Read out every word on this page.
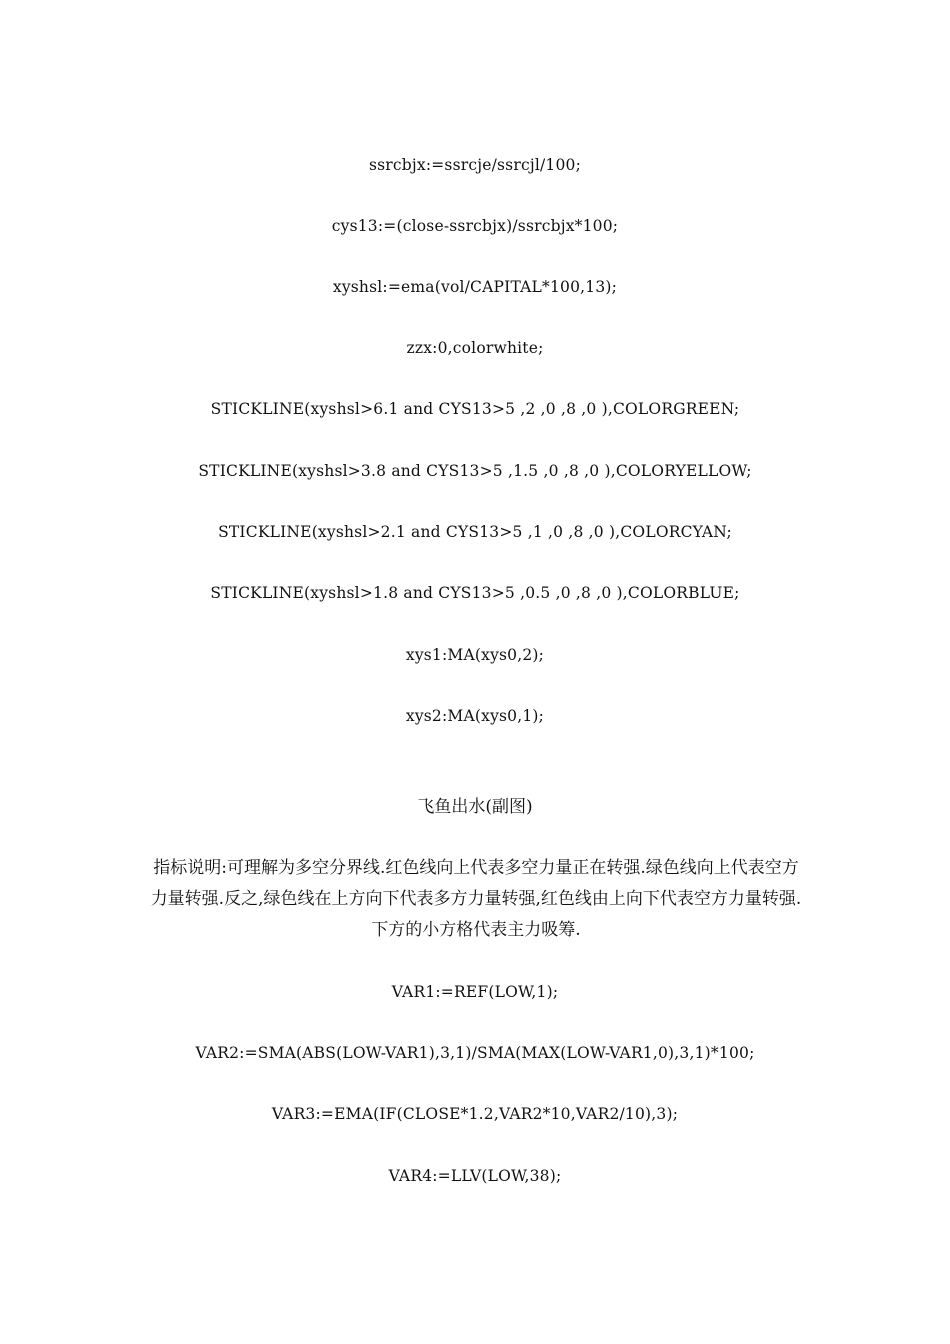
ssrcbjx:=ssrcje/ssrcjl/100;
cys13:=(close-ssrcbjx)/ssrcbjx*100;
xyshsl:=ema(vol/CAPITAL*100,13);
zzx:0,colorwhite;
STICKLINE(xyshsl>6.1 and CYS13>5 ,2 ,0 ,8 ,0 ),COLORGREEN;
STICKLINE(xyshsl>3.8 and CYS13>5 ,1.5 ,0 ,8 ,0 ),COLORYELLOW;
STICKLINE(xyshsl>2.1 and CYS13>5 ,1 ,0 ,8 ,0 ),COLORCYAN;
STICKLINE(xyshsl>1.8 and CYS13>5 ,0.5 ,0 ,8 ,0 ),COLORBLUE;
xys1:MA(xys0,2);
xys2:MA(xys0,1);
飞鱼出水(副图)
指标说明:可理解为多空分界线.红色线向上代表多空力量正在转强.绿色线向上代表空方力量转强.反之,绿色线在上方向下代表多方力量转强,红色线由上向下代表空方力量转强.下方的小方格代表主力吸筹.
VAR1:=REF(LOW,1);
VAR2:=SMA(ABS(LOW-VAR1),3,1)/SMA(MAX(LOW-VAR1,0),3,1)*100;
VAR3:=EMA(IF(CLOSE*1.2,VAR2*10,VAR2/10),3);
VAR4:=LLV(LOW,38);
